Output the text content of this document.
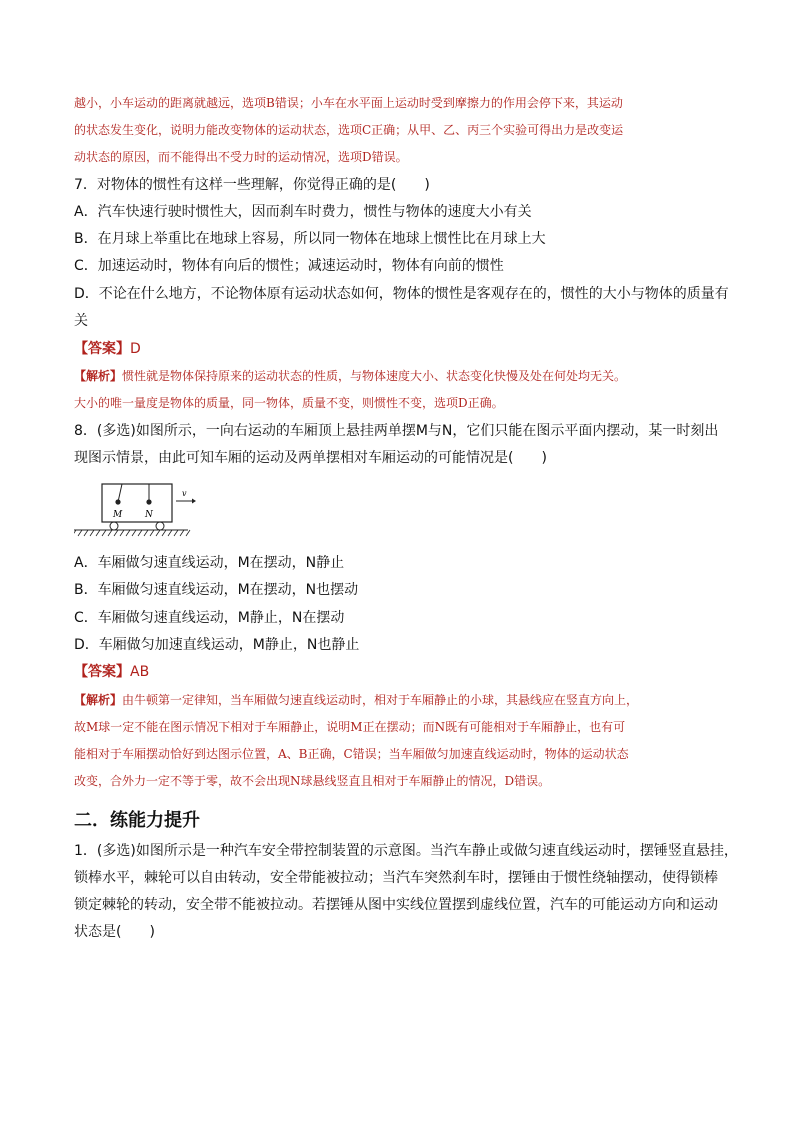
越小，小车运动的距离就越远，选项B错误；小车在水平面上运动时受到摩擦力的作用会停下来，其运动
的状态发生变化，说明力能改变物体的运动状态，选项C正确；从甲、乙、丙三个实验可得出力是改变运
动状态的原因，而不能得出不受力时的运动情况，选项D错误。
7．对物体的惯性有这样一些理解，你觉得正确的是(　　)
A．汽车快速行驶时惯性大，因而刹车时费力，惯性与物体的速度大小有关
B．在月球上举重比在地球上容易，所以同一物体在地球上惯性比在月球上大
C．加速运动时，物体有向后的惯性；减速运动时，物体有向前的惯性
D．不论在什么地方，不论物体原有运动状态如何，物体的惯性是客观存在的，惯性的大小与物体的质量有
关
【答案】D
【解析】惯性就是物体保持原来的运动状态的性质，与物体速度大小、状态变化快慢及处在何处均无关。
大小的唯一量度是物体的质量，同一物体，质量不变，则惯性不变，选项D正确。
8．(多选)如图所示，一向右运动的车厢顶上悬挂两单摆M与N，它们只能在图示平面内摆动，某一时刻出
现图示情景，由此可知车厢的运动及两单摆相对车厢运动的可能情况是(　　)
M	N
v
A．车厢做匀速直线运动，M在摆动，N静止
B．车厢做匀速直线运动，M在摆动，N也摆动
C．车厢做匀速直线运动，M静止，N在摆动
D．车厢做匀加速直线运动，M静止，N也静止
【答案】AB
【解析】由牛顿第一定律知，当车厢做匀速直线运动时，相对于车厢静止的小球，其悬线应在竖直方向上，
故M球一定不能在图示情况下相对于车厢静止，说明M正在摆动；而N既有可能相对于车厢静止，也有可
能相对于车厢摆动恰好到达图示位置，A、B正确，C错误；当车厢做匀加速直线运动时，物体的运动状态
改变，合外力一定不等于零，故不会出现N球悬线竖直且相对于车厢静止的情况，D错误。
二．练能力提升
1．(多选)如图所示是一种汽车安全带控制装置的示意图。当汽车静止或做匀速直线运动时，摆锤竖直悬挂，
锁棒水平，棘轮可以自由转动，安全带能被拉动；当汽车突然刹车时，摆锤由于惯性绕轴摆动，使得锁棒
锁定棘轮的转动，安全带不能被拉动。若摆锤从图中实线位置摆到虚线位置，汽车的可能运动方向和运动
状态是(　　)
